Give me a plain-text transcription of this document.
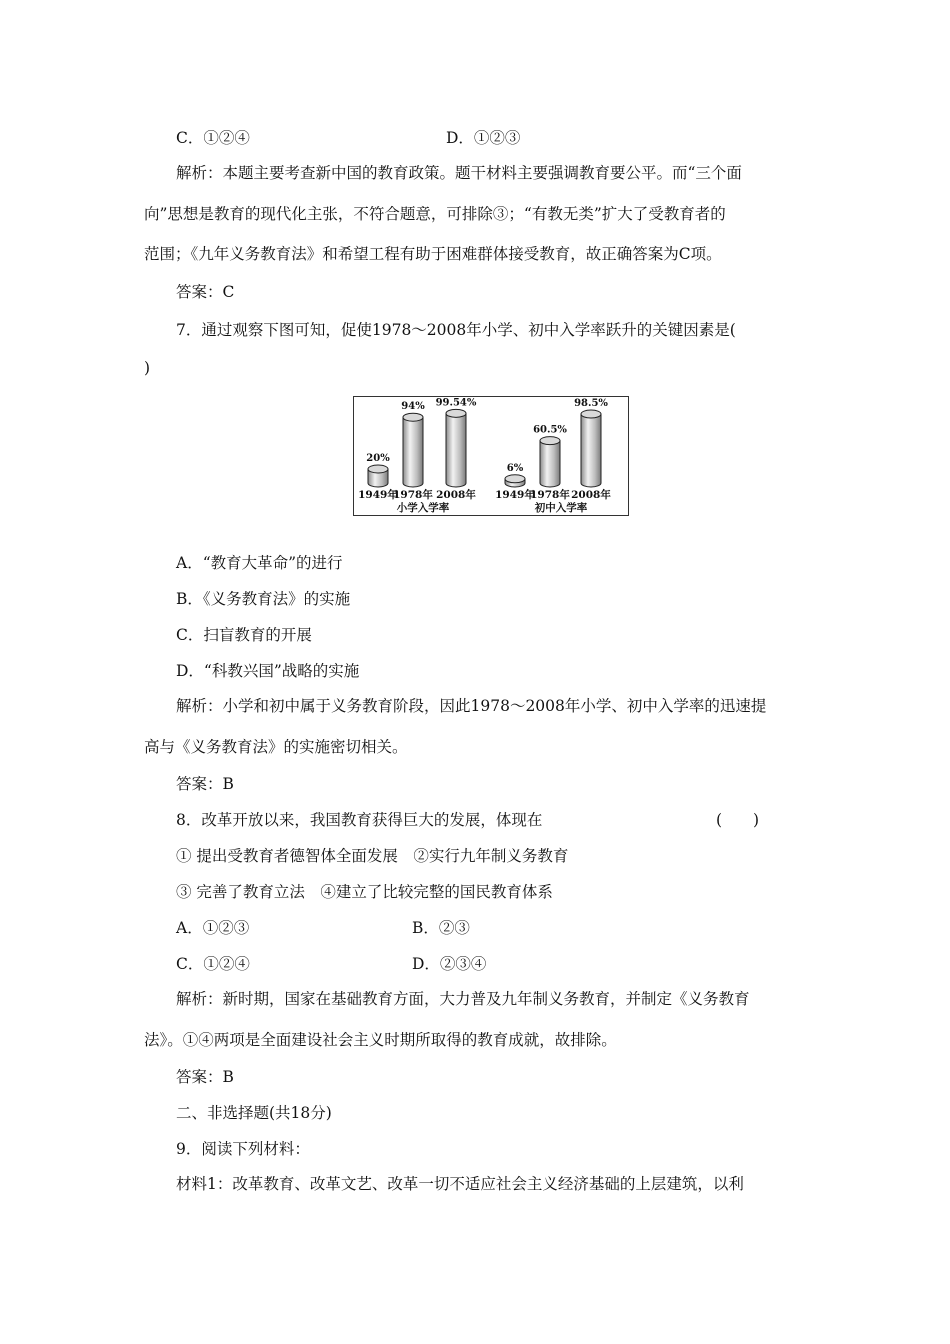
C．①②④	D．①②③
解析：本题主要考查新中国的教育政策。题干材料主要强调教育要公平。而“三个面
向”思想是教育的现代化主张，不符合题意，可排除③；“有教无类”扩大了受教育者的
范围；《九年义务教育法》和希望工程有助于困难群体接受教育，故正确答案为C项。
答案：C
7．通过观察下图可知，促使1978～2008年小学、初中入学率跃升的关键因素是(
)
20%
1949年
94%
1978年
99.54%
2008年
小学入学率
6%
1949年
60.5%
1978年
98.5%
2008年
初中入学率
A．“教育大革命”的进行
B．《义务教育法》的实施
C．扫盲教育的开展
D．“科教兴国”战略的实施
解析：小学和初中属于义务教育阶段，因此1978～2008年小学、初中入学率的迅速提
高与《义务教育法》的实施密切相关。
答案：B
8．改革开放以来，我国教育获得巨大的发展，体现在	(　　)
① 提出受教育者德智体全面发展　②实行九年制义务教育
③ 完善了教育立法　④建立了比较完整的国民教育体系
A．①②③	B．②③
C．①②④	D．②③④
解析：新时期，国家在基础教育方面，大力普及九年制义务教育，并制定《义务教育
法》。①④两项是全面建设社会主义时期所取得的教育成就，故排除。
答案：B
二、非选择题(共18分)
9．阅读下列材料：
材料1：改革教育、改革文艺、改革一切不适应社会主义经济基础的上层建筑，以利
